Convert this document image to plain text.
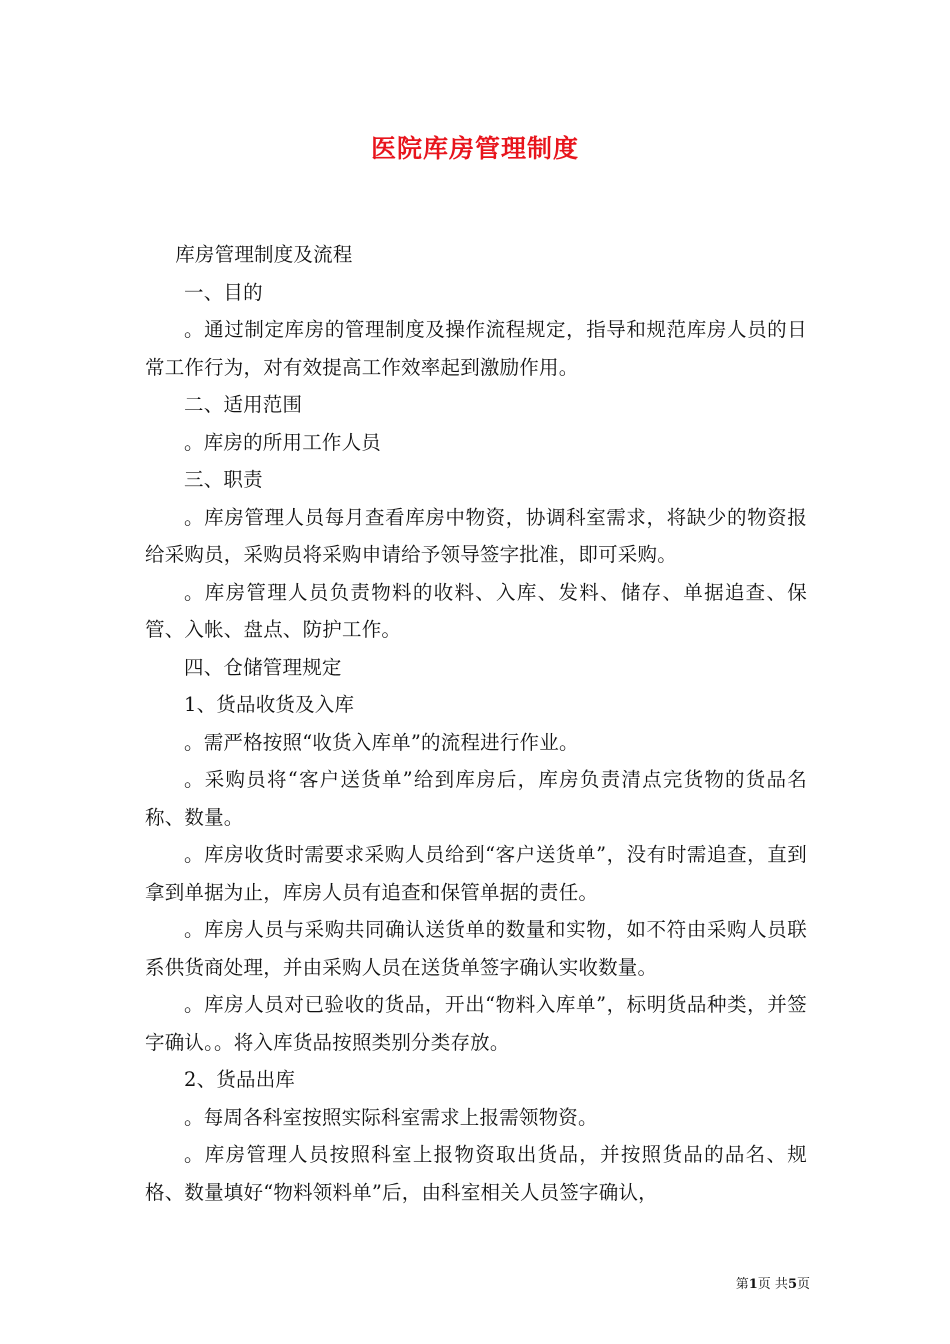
医院库房管理制度

库房管理制度及流程

一、目的

。通过制定库房的管理制度及操作流程规定，指导和规范库房人员的日常工作行为，对有效提高工作效率起到激励作用。

二、适用范围

。库房的所用工作人员

三、职责

。库房管理人员每月查看库房中物资，协调科室需求，将缺少的物资报给采购员，采购员将采购申请给予领导签字批准，即可采购。

。库房管理人员负责物料的收料、入库、发料、储存、单据追查、保管、入帐、盘点、防护工作。

四、仓储管理规定

1、货品收货及入库

。需严格按照“收货入库单”的流程进行作业。

。采购员将“客户送货单”给到库房后，库房负责清点完货物的货品名称、数量。

。库房收货时需要求采购人员给到“客户送货单”，没有时需追查，直到拿到单据为止，库房人员有追查和保管单据的责任。

。库房人员与采购共同确认送货单的数量和实物，如不符由采购人员联系供货商处理，并由采购人员在送货单签字确认实收数量。

。库房人员对已验收的货品，开出“物料入库单”，标明货品种类，并签字确认。。将入库货品按照类别分类存放。

2、货品出库

。每周各科室按照实际科室需求上报需领物资。

。库房管理人员按照科室上报物资取出货品，并按照货品的品名、规格、数量填好“物料领料单”后，由科室相关人员签字确认，

第1页 共5页
